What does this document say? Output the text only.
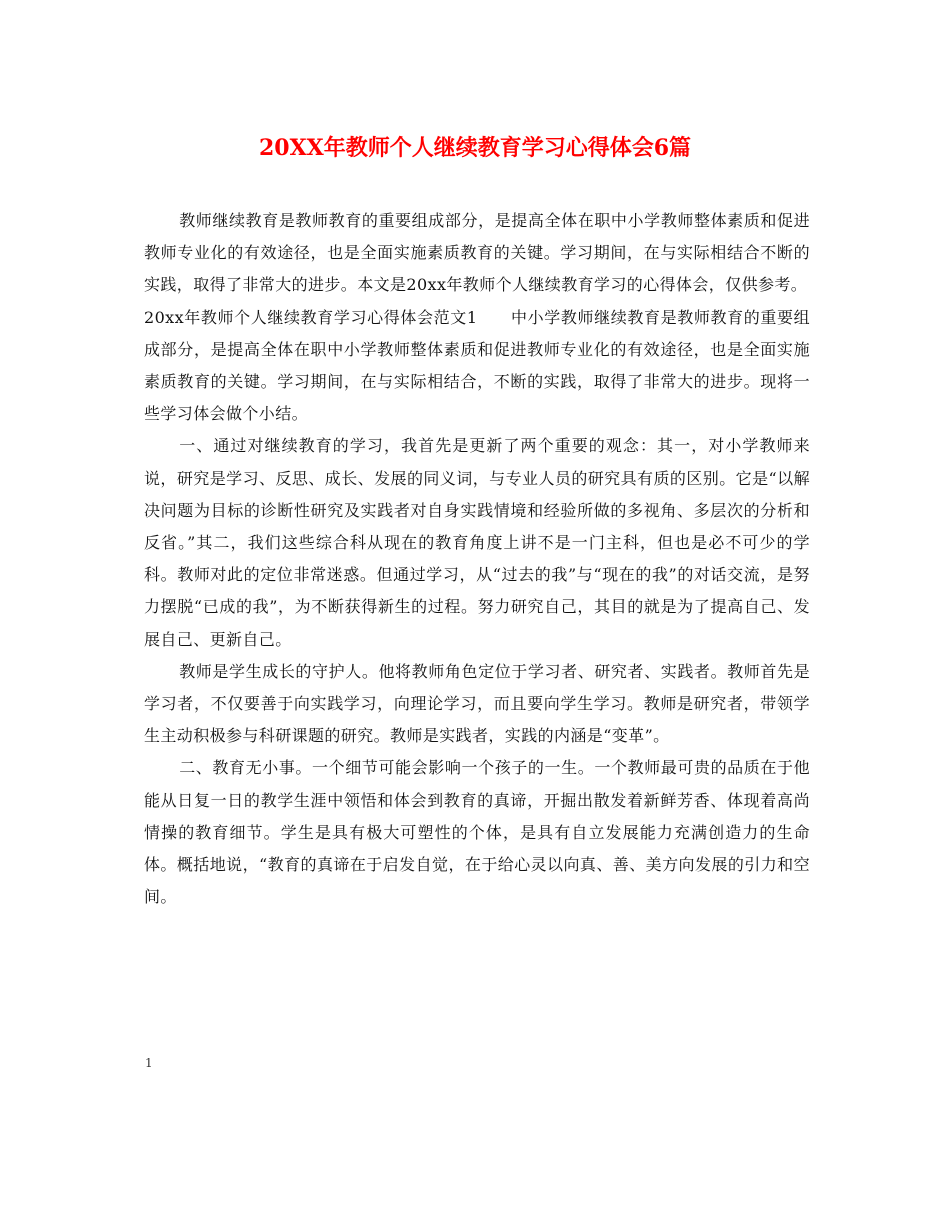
20XX年教师个人继续教育学习心得体会6篇

教师继续教育是教师教育的重要组成部分，是提高全体在职中小学教师整体素质和促进教师专业化的有效途径，也是全面实施素质教育的关键。学习期间，在与实际相结合不断的实践，取得了非常大的进步。本文是20xx年教师个人继续教育学习的心得体会，仅供参考。

20xx年教师个人继续教育学习心得体会范文1　　中小学教师继续教育是教师教育的重要组成部分，是提高全体在职中小学教师整体素质和促进教师专业化的有效途径，也是全面实施素质教育的关键。学习期间，在与实际相结合，不断的实践，取得了非常大的进步。现将一些学习体会做个小结。

一、通过对继续教育的学习，我首先是更新了两个重要的观念：其一，对小学教师来说，研究是学习、反思、成长、发展的同义词，与专业人员的研究具有质的区别。它是“以解决问题为目标的诊断性研究及实践者对自身实践情境和经验所做的多视角、多层次的分析和反省。”其二，我们这些综合科从现在的教育角度上讲不是一门主科，但也是必不可少的学科。教师对此的定位非常迷惑。但通过学习，从“过去的我”与“现在的我”的对话交流，是努力摆脱“已成的我”，为不断获得新生的过程。努力研究自己，其目的就是为了提高自己、发展自己、更新自己。

教师是学生成长的守护人。他将教师角色定位于学习者、研究者、实践者。教师首先是学习者，不仅要善于向实践学习，向理论学习，而且要向学生学习。教师是研究者，带领学生主动积极参与科研课题的研究。教师是实践者，实践的内涵是“变革”。

二、教育无小事。一个细节可能会影响一个孩子的一生。一个教师最可贵的品质在于他能从日复一日的教学生涯中领悟和体会到教育的真谛，开掘出散发着新鲜芳香、体现着高尚情操的教育细节。学生是具有极大可塑性的个体，是具有自立发展能力充满创造力的生命体。概括地说，“教育的真谛在于启发自觉，在于给心灵以向真、善、美方向发展的引力和空间。

1
